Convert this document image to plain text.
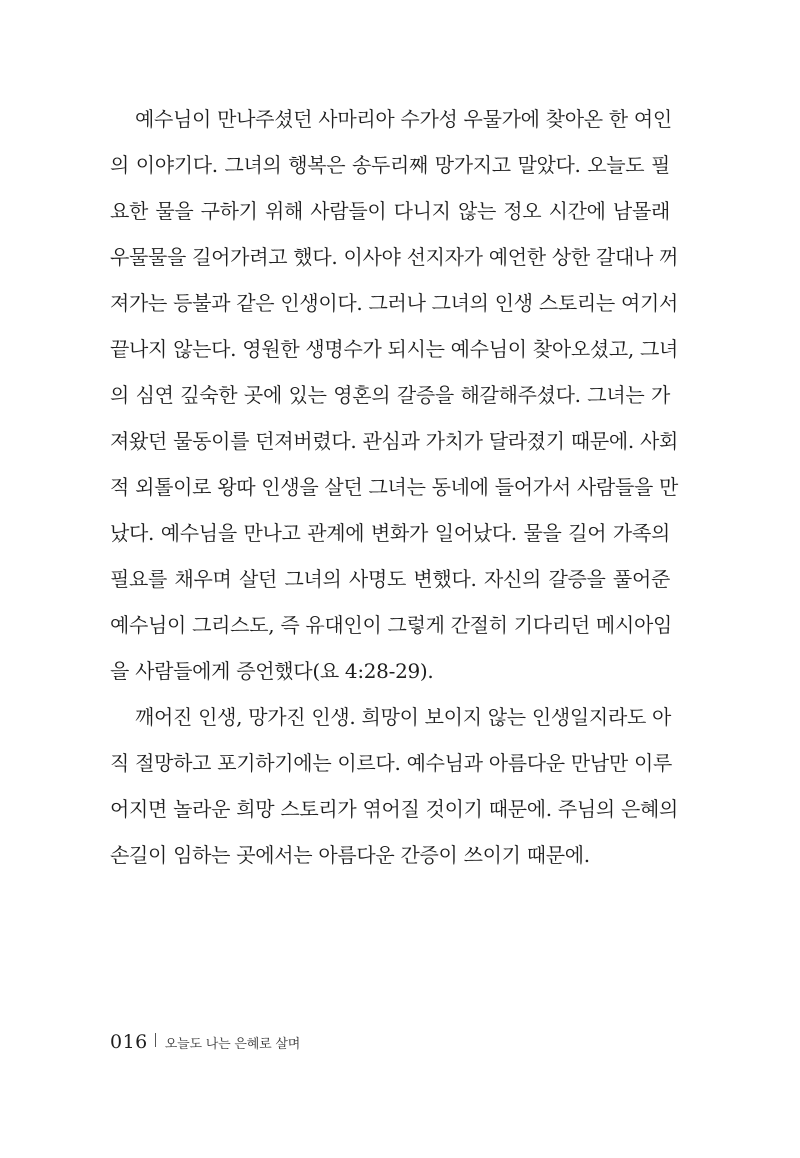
예수님이 만나주셨던 사마리아 수가성 우물가에 찾아온 한 여인
의 이야기다. 그녀의 행복은 송두리째 망가지고 말았다. 오늘도 필
요한 물을 구하기 위해 사람들이 다니지 않는 정오 시간에 남몰래
우물물을 길어가려고 했다. 이사야 선지자가 예언한 상한 갈대나 꺼
져가는 등불과 같은 인생이다. 그러나 그녀의 인생 스토리는 여기서
끝나지 않는다. 영원한 생명수가 되시는 예수님이 찾아오셨고, 그녀
의 심연 깊숙한 곳에 있는 영혼의 갈증을 해갈해주셨다. 그녀는 가
져왔던 물동이를 던져버렸다. 관심과 가치가 달라졌기 때문에. 사회
적 외톨이로 왕따 인생을 살던 그녀는 동네에 들어가서 사람들을 만
났다. 예수님을 만나고 관계에 변화가 일어났다. 물을 길어 가족의
필요를 채우며 살던 그녀의 사명도 변했다. 자신의 갈증을 풀어준
예수님이 그리스도, 즉 유대인이 그렇게 간절히 기다리던 메시아임
을 사람들에게 증언했다(요 4:28-29).
깨어진 인생, 망가진 인생. 희망이 보이지 않는 인생일지라도 아
직 절망하고 포기하기에는 이르다. 예수님과 아름다운 만남만 이루
어지면 놀라운 희망 스토리가 엮어질 것이기 때문에. 주님의 은혜의
손길이 임하는 곳에서는 아름다운 간증이 쓰이기 때문에.
016 오늘도 나는 은혜로 살며
